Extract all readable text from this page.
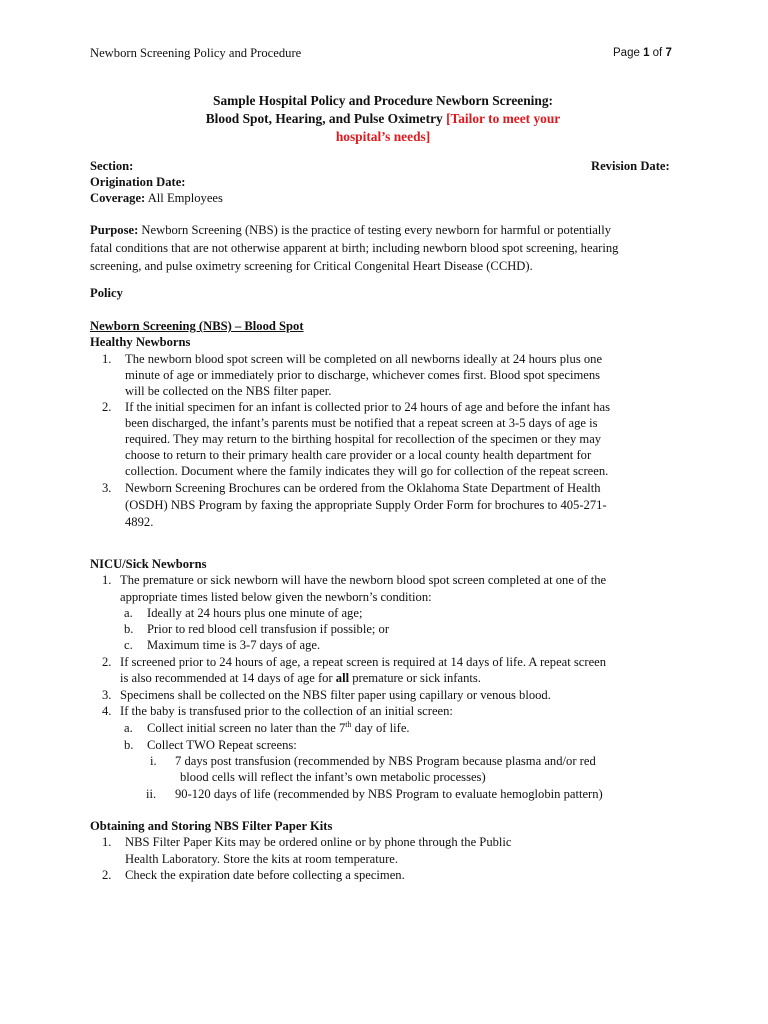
Newborn Screening Policy and Procedure	Page 1 of 7
Sample Hospital Policy and Procedure Newborn Screening:
Blood Spot, Hearing, and Pulse Oximetry [Tailor to meet your
hospital’s needs]
Section:	Revision Date:
Origination Date:
Coverage: All Employees
Purpose: Newborn Screening (NBS) is the practice of testing every newborn for harmful or potentially
fatal conditions that are not otherwise apparent at birth; including newborn blood spot screening, hearing
screening, and pulse oximetry screening for Critical Congenital Heart Disease (CCHD).
Policy
Newborn Screening (NBS) – Blood Spot
Healthy Newborns
1. The newborn blood spot screen will be completed on all newborns ideally at 24 hours plus one
minute of age or immediately prior to discharge, whichever comes first. Blood spot specimens
will be collected on the NBS filter paper.
2. If the initial specimen for an infant is collected prior to 24 hours of age and before the infant has
been discharged, the infant’s parents must be notified that a repeat screen at 3-5 days of age is
required. They may return to the birthing hospital for recollection of the specimen or they may
choose to return to their primary health care provider or a local county health department for
collection. Document where the family indicates they will go for collection of the repeat screen.
3. Newborn Screening Brochures can be ordered from the Oklahoma State Department of Health
(OSDH) NBS Program by faxing the appropriate Supply Order Form for brochures to 405-271-
4892.
NICU/Sick Newborns
1. The premature or sick newborn will have the newborn blood spot screen completed at one of the
appropriate times listed below given the newborn’s condition:
a. Ideally at 24 hours plus one minute of age;
b. Prior to red blood cell transfusion if possible; or
c. Maximum time is 3-7 days of age.
2. If screened prior to 24 hours of age, a repeat screen is required at 14 days of life. A repeat screen
is also recommended at 14 days of age for all premature or sick infants.
3. Specimens shall be collected on the NBS filter paper using capillary or venous blood.
4. If the baby is transfused prior to the collection of an initial screen:
a. Collect initial screen no later than the 7th day of life.
b. Collect TWO Repeat screens:
i. 7 days post transfusion (recommended by NBS Program because plasma and/or red
blood cells will reflect the infant’s own metabolic processes)
ii. 90-120 days of life (recommended by NBS Program to evaluate hemoglobin pattern)
Obtaining and Storing NBS Filter Paper Kits
1. NBS Filter Paper Kits may be ordered online or by phone through the Public
Health Laboratory. Store the kits at room temperature.
2. Check the expiration date before collecting a specimen.
